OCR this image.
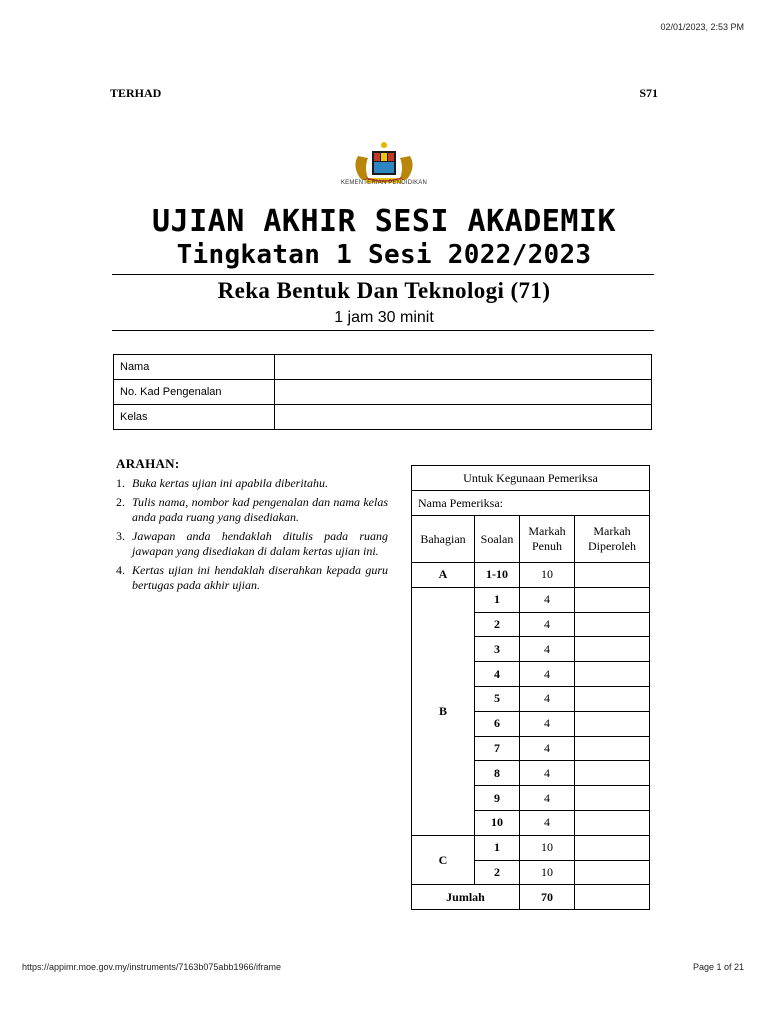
02/01/2023, 2:53 PM
TERHAD	S71
KEMENTERIAN PENDIDIKAN
UJIAN AKHIR SESI AKADEMIK
Tingkatan 1 Sesi 2022/2023
Reka Bentuk Dan Teknologi (71)
1 jam 30 minit
Nama	
No. Kad Pengenalan	
Kelas	
ARAHAN:
1. Buka kertas ujian ini apabila diberitahu.
2. Tulis nama, nombor kad pengenalan dan nama kelas anda pada ruang yang disediakan.
3. Jawapan anda hendaklah ditulis pada ruang jawapan yang disediakan di dalam kertas ujian ini.
4. Kertas ujian ini hendaklah diserahkan kepada guru bertugas pada akhir ujian.
Untuk Kegunaan Pemeriksa			
Nama Pemeriksa:			
Bahagian	Soalan	Markah Penuh	Markah Diperoleh
A	1-10	10	
B	1	4	
	2	4	
	3	4	
	4	4	
	5	4	
	6	4	
	7	4	
	8	4	
	9	4	
	10	4	
C	1	10	
	2	10	
Jumlah		70	
https://appimr.moe.gov.my/instruments/7163b075abb1966/iframe	Page 1 of 21
